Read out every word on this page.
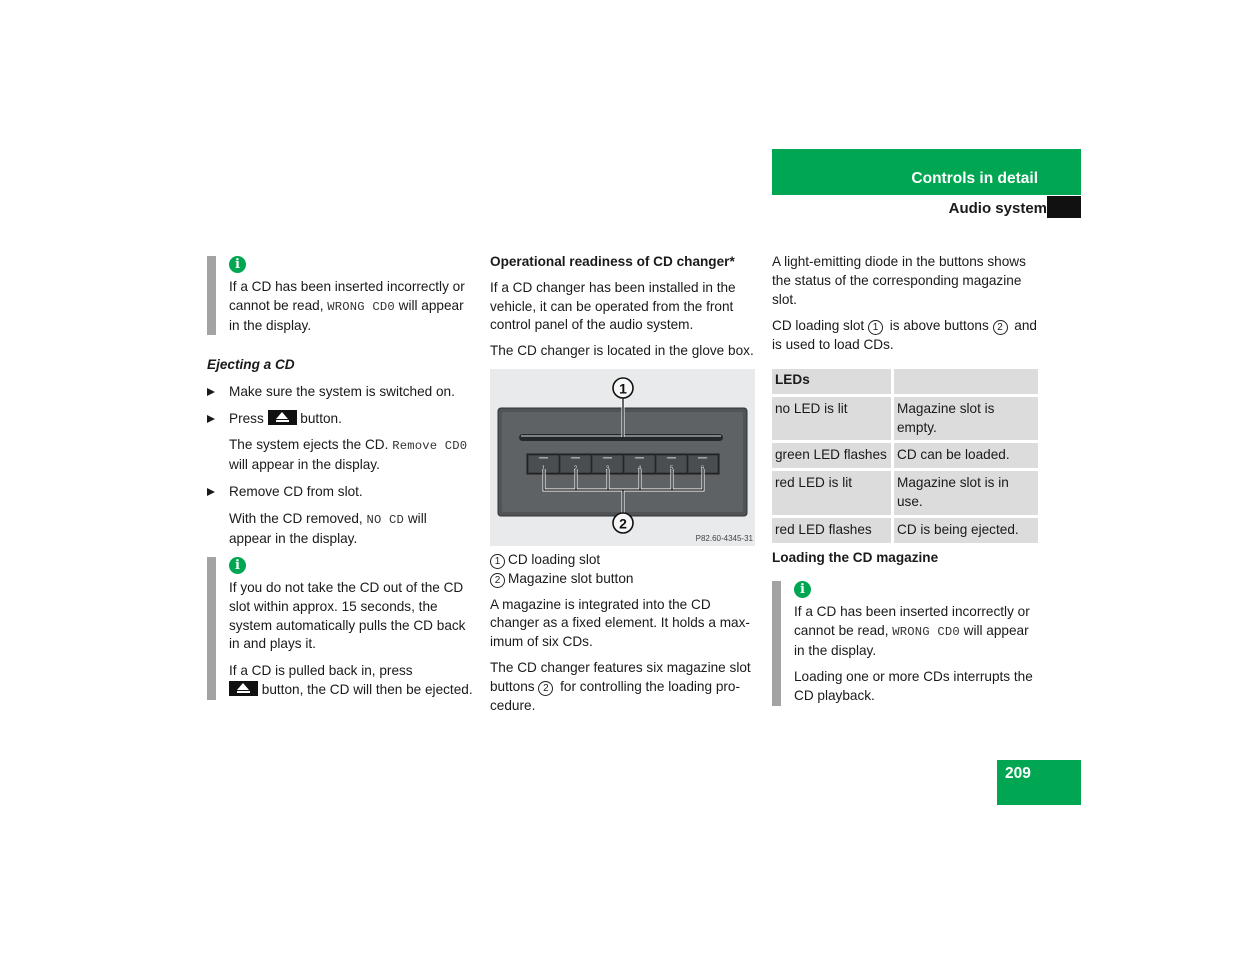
Controls in detail
Audio system
i

If a CD has been inserted incorrectly or cannot be read, WRONG CD0 will appear in the display.

Ejecting a CD

Make sure the system is switched on.

Press
button.

The system ejects the CD. Remove CD0 will appear in the display.

Remove CD from slot.

With the CD removed, NO CD will appear in the display.

i

If you do not take the CD out of the CD slot within approx. 15 seconds, the system automatically pulls the CD back in and plays it.

If a CD is pulled back in, press

button, the CD will then be ejected.

Operational readiness of CD changer*

If a CD changer has been installed in the vehicle, it can be operated from the front control panel of the audio system.

The CD changer is located in the glove box.

1	2	3	4	5	6
1
2
P82.60-4345-31

1 CD loading slot

2 Magazine slot button

A magazine is integrated into the CD changer as a fixed element. It holds a max-imum of six CDs.

The CD changer features six magazine slot buttons 2 for controlling the loading pro-cedure.

A light-emitting diode in the buttons shows the status of the corresponding magazine slot.

CD loading slot 1 is above buttons 2 and is used to load CDs.

LEDs	
no LED is lit	Magazine slot is empty.
green LED flashes	CD can be loaded.
red LED is lit	Magazine slot is in use.
red LED flashes	CD is being ejected.

Loading the CD magazine

i

If a CD has been inserted incorrectly or cannot be read, WRONG CD0 will appear in the display.

Loading one or more CDs interrupts the CD playback.

209
